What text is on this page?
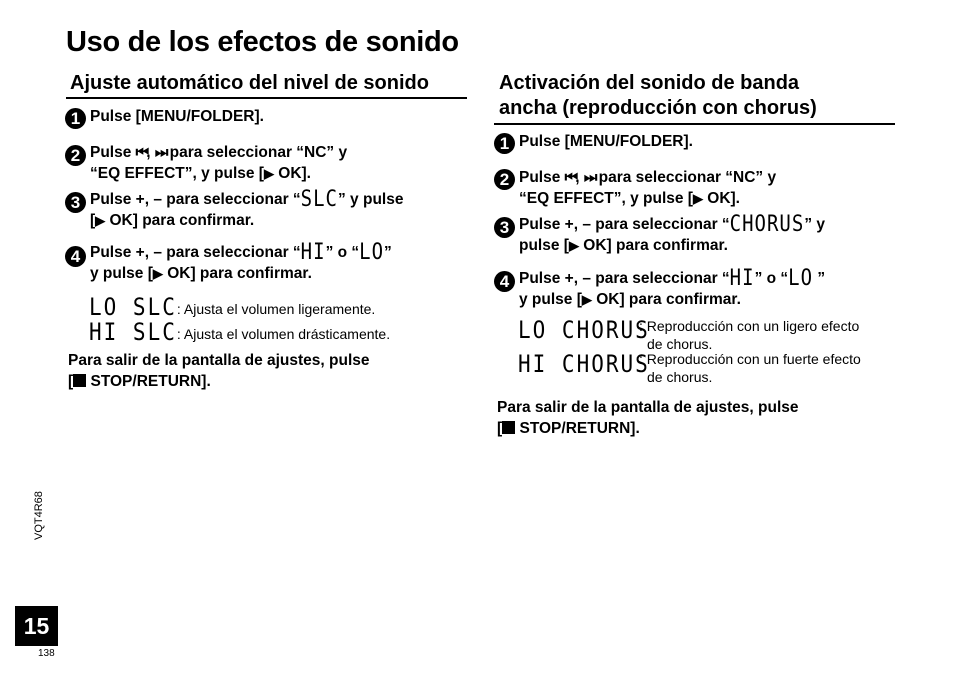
Uso de los efectos de sonido
Ajuste automático del nivel de sonido
1 Pulse [MENU/FOLDER].
2 Pulse ⏮, ⏭ para seleccionar “NC” y
“EQ EFFECT”, y pulse [▶ OK].
3 Pulse +, – para seleccionar “SLC” y pulse
[▶ OK] para confirmar.
4 Pulse +, – para seleccionar “HI” o “LO”
y pulse [▶ OK] para confirmar.
LO SLC: Ajusta el volumen ligeramente.
HI SLC: Ajusta el volumen drásticamente.
Para salir de la pantalla de ajustes, pulse
[ STOP/RETURN].
Activación del sonido de banda
ancha (reproducción con chorus)
1 Pulse [MENU/FOLDER].
2 Pulse ⏮, ⏭ para seleccionar “NC” y
“EQ EFFECT”, y pulse [▶ OK].
3 Pulse +, – para seleccionar “CHORUS” y
pulse [▶ OK] para confirmar.
4 Pulse +, – para seleccionar “HI” o “LO ”
y pulse [▶ OK] para confirmar.
LO CHORUS
: Reproducción con un ligero efecto
de chorus.
HI CHORUS
: Reproducción con un fuerte efecto
de chorus.
Para salir de la pantalla de ajustes, pulse
[ STOP/RETURN].
VQT4R68
15
138
